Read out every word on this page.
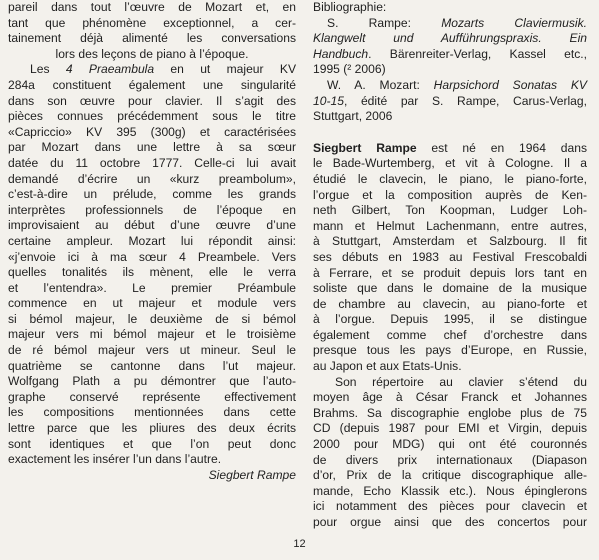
pareil dans tout l’œuvre de Mozart et, en

tant que phénomène exceptionnel, a cer-

tainement déjà alimenté les conversations

lors des leçons de piano à l’époque.

Les 4 Praeambula en ut majeur KV

284a constituent également une singularité

dans son œuvre pour clavier. Il s’agit des

pièces connues précédemment sous le titre

«Capriccio» KV 395 (300g) et caractérisées

par Mozart dans une lettre à sa sœur

datée du 11 octobre 1777. Celle-ci lui avait

demandé d’écrire un «kurz preambolum»,

c’est-à-dire un prélude, comme les grands

interprètes professionnels de l’époque en

improvisaient au début d’une œuvre d’une

certaine ampleur. Mozart lui répondit ainsi:

«j’envoie ici à ma sœur 4 Preambele. Vers

quelles tonalités ils mènent, elle le verra

et l’entendra». Le premier Préambule

commence en ut majeur et module vers

si bémol majeur, le deuxième de si bémol

majeur vers mi bémol majeur et le troisième

de ré bémol majeur vers ut mineur. Seul le

quatrième se cantonne dans l’ut majeur.

Wolfgang Plath a pu démontrer que l’auto-

graphe conservé représente effectivement

les compositions mentionnées dans cette

lettre parce que les pliures des deux écrits

sont identiques et que l’on peut donc

exactement les insérer l’un dans l’autre.

Siegbert Rampe

Bibliographie:

S. Rampe: Mozarts Claviermusik.

Klangwelt und Aufführungspraxis. Ein

Handbuch. Bärenreiter-Verlag, Kassel etc.,

1995 (² 2006)

W. A. Mozart: Harpsichord Sonatas KV

10-15, édité par S. Rampe, Carus-Verlag,

Stuttgart, 2006

Siegbert Rampe est né en 1964 dans

le Bade-Wurtemberg, et vit à Cologne. Il a

étudié le clavecin, le piano, le piano-forte,

l’orgue et la composition auprès de Ken-

neth Gilbert, Ton Koopman, Ludger Loh-

mann et Helmut Lachenmann, entre autres,

à Stuttgart, Amsterdam et Salzbourg. Il fit

ses débuts en 1983 au Festival Frescobaldi

à Ferrare, et se produit depuis lors tant en

soliste que dans le domaine de la musique

de chambre au clavecin, au piano-forte et

à l’orgue. Depuis 1995, il se distingue

également comme chef d’orchestre dans

presque tous les pays d’Europe, en Russie,

au Japon et aux Etats-Unis.

Son répertoire au clavier s’étend du

moyen âge à César Franck et Johannes

Brahms. Sa discographie englobe plus de 75

CD (depuis 1987 pour EMI et Virgin, depuis

2000 pour MDG) qui ont été couronnés

de divers prix internationaux (Diapason

d’or, Prix de la critique discographique alle-

mande, Echo Klassik etc.). Nous épinglerons

ici notamment des pièces pour clavecin et

pour orgue ainsi que des concertos pour

12
